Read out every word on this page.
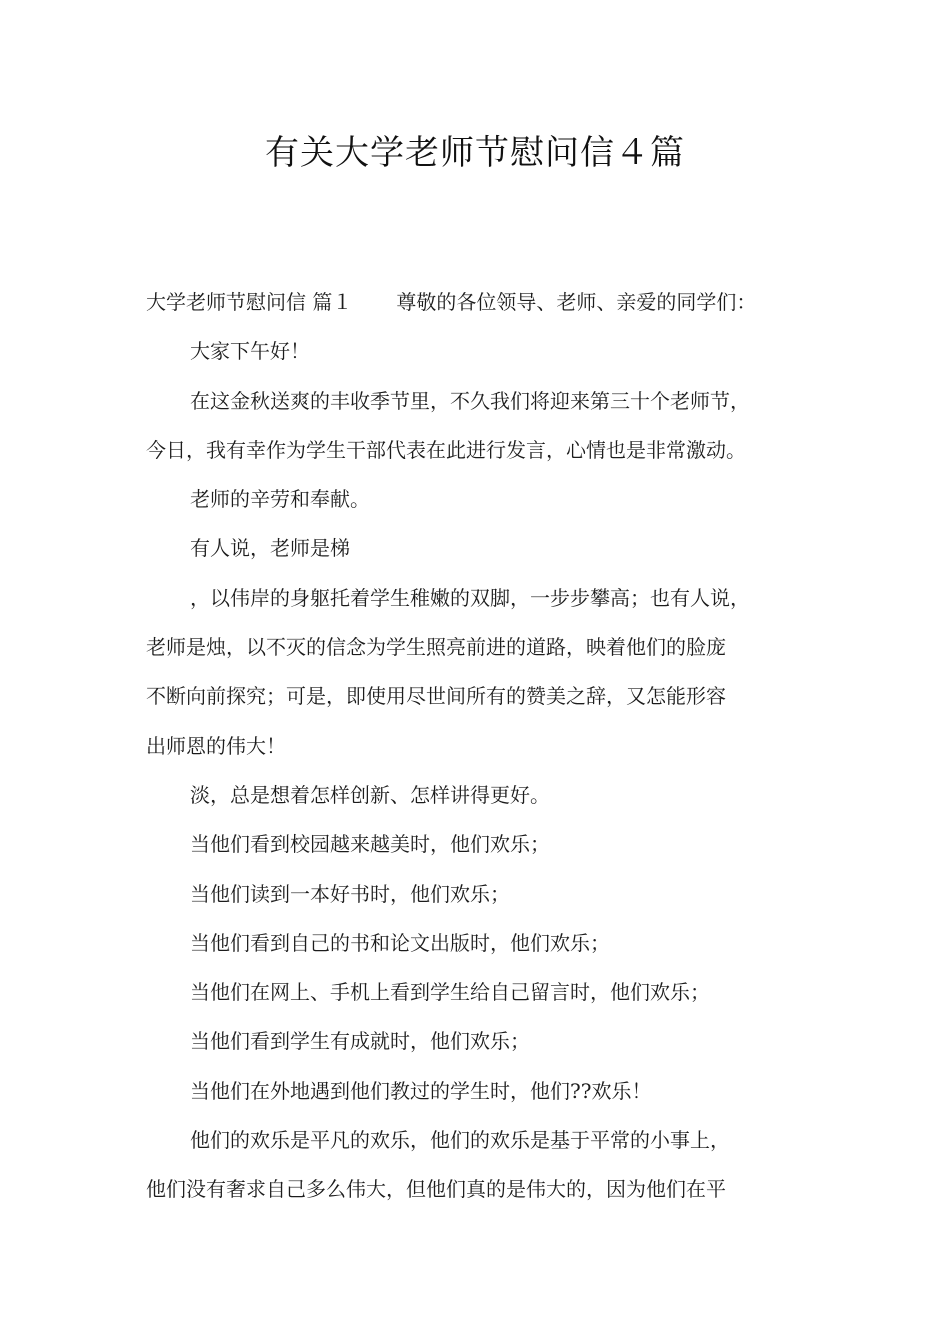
有关大学老师节慰问信４篇
大学老师节慰问信 篇１ 尊敬的各位领导、老师、亲爱的同学们：
大家下午好！
在这金秋送爽的丰收季节里，不久我们将迎来第三十个老师节，
今日，我有幸作为学生干部代表在此进行发言，心情也是非常激动。
老师的辛劳和奉献。
有人说，老师是梯
，以伟岸的身躯托着学生稚嫩的双脚，一步步攀高；也有人说，
老师是烛，以不灭的信念为学生照亮前进的道路，映着他们的脸庞
不断向前探究；可是，即使用尽世间所有的赞美之辞，又怎能形容
出师恩的伟大！
淡，总是想着怎样创新、怎样讲得更好。
当他们看到校园越来越美时，他们欢乐；
当他们读到一本好书时，他们欢乐；
当他们看到自己的书和论文出版时，他们欢乐；
当他们在网上、手机上看到学生给自己留言时，他们欢乐；
当他们看到学生有成就时，他们欢乐；
当他们在外地遇到他们教过的学生时，他们??欢乐！
他们的欢乐是平凡的欢乐，他们的欢乐是基于平常的小事上，
他们没有奢求自己多么伟大，但他们真的是伟大的，因为他们在平
